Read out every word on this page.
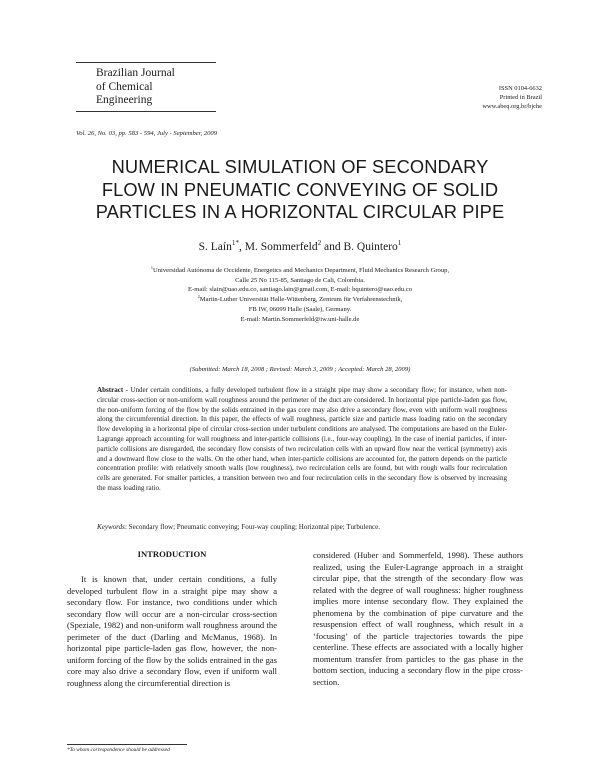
Brazilian Journal
of Chemical
Engineering
ISSN 0104-6632
Printed in Brazil
www.abeq.org.br/bjche
Vol. 26, No. 03, pp. 583 - 594, July - September, 2009
NUMERICAL SIMULATION OF SECONDARY
FLOW IN PNEUMATIC CONVEYING OF SOLID
PARTICLES IN A HORIZONTAL CIRCULAR PIPE
S. Laín$^{1*}$, M. Sommerfeld$^2$ and B. Quintero$^1$
$^1$Universidad Autónoma de Occidente, Energetics and Mechanics Department, Fluid Mechanics Research Group,
Calle 25 No 115-85, Santiago de Cali, Colombia.
E-mail: slain@uao.edu.co, santiago.lain@gmail.com, E-mail: bquintero@uao.edu.co
$^2$Martin-Luther Universität Halle-Wittenberg, Zentrum für Verfahrenstechnik,
FB IW, 06099 Halle (Saale), Germany.
E-mail: Martin.Sommerfeld@iw.uni-halle.de
(Submitted: March 18, 2008 ; Revised: March 3, 2009 ; Accepted: March 28, 2009)
Abstract - Under certain conditions, a fully developed turbulent flow in a straight pipe may show a secondary flow; for instance, when non-circular cross-section or non-uniform wall roughness around the perimeter of the duct are considered. In horizontal pipe particle-laden gas flow, the non-uniform forcing of the flow by the solids entrained in the gas core may also drive a secondary flow, even with uniform wall roughness along the circumferential direction. In this paper, the effects of wall roughness, particle size and particle mass loading ratio on the secondary flow developing in a horizontal pipe of circular cross-section under turbulent conditions are analysed. The computations are based on the Euler-Lagrange approach accounting for wall roughness and inter-particle collisions (i.e., four-way coupling). In the case of inertial particles, if inter-particle collisions are disregarded, the secondary flow consists of two recirculation cells with an upward flow near the vertical (symmetry) axis and a downward flow close to the walls. On the other hand, when inter-particle collisions are accounted for, the pattern depends on the particle concentration profile: with relatively smooth walls (low roughness), two recirculation cells are found, but with rough walls four recirculation cells are generated. For smaller particles, a transition between two and four recirculation cells in the secondary flow is observed by increasing the mass loading ratio.
Keywords: Secondary flow; Pneumatic conveying; Four-way coupling; Horizontal pipe; Turbulence.
INTRODUCTION
It is known that, under certain conditions, a fully developed turbulent flow in a straight pipe may show a secondary flow. For instance, two conditions under which secondary flow will occur are a non-circular cross-section (Speziale, 1982) and non-uniform wall roughness around the perimeter of the duct (Darling and McManus, 1968). In horizontal pipe particle-laden gas flow, however, the non-uniform forcing of the flow by the solids entrained in the gas core may also drive a secondary flow, even if uniform wall roughness along the circumferential direction is
considered (Huber and Sommerfeld, 1998). These authors realized, using the Euler-Lagrange approach in a straight circular pipe, that the strength of the secondary flow was related with the degree of wall roughness: higher roughness implies more intense secondary flow. They explained the phenomena by the combination of pipe curvature and the resuspension effect of wall roughness, which result in a ‘focusing’ of the particle trajectories towards the pipe centerline. These effects are associated with a locally higher momentum transfer from particles to the gas phase in the bottom section, inducing a secondary flow in the pipe cross-section.
*To whom correspondence should be addressed
